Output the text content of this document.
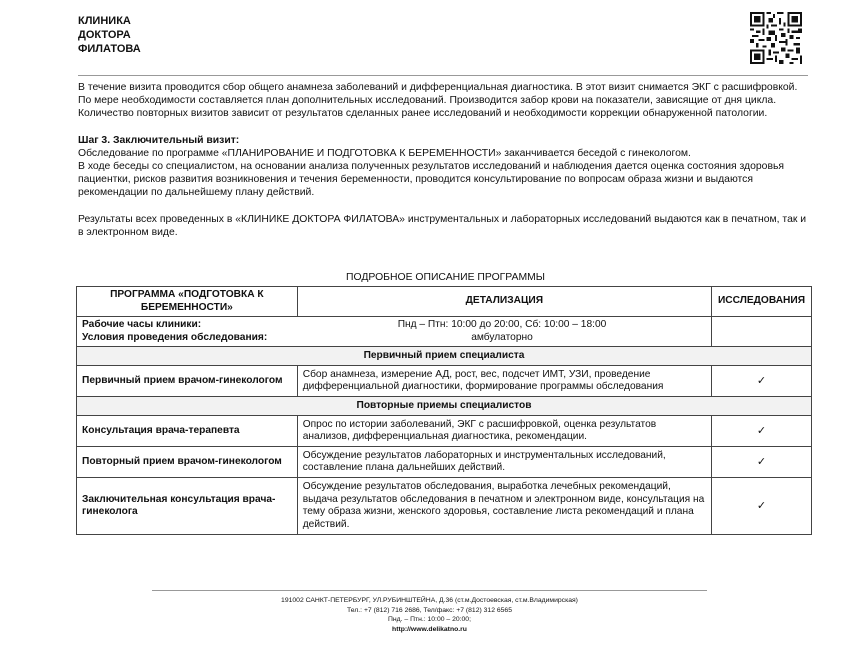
КЛИНИКА
ДОКТОРА
ФИЛАТОВА

В течение визита проводится сбор общего анамнеза заболеваний и дифференциальная диагностика. В этот визит снимается ЭКГ с расшифровкой. По мере необходимости составляется план дополнительных исследований. Производится забор крови на показатели, зависящие от дня цикла. Количество повторных визитов зависит от результатов сделанных ранее исследований и необходимости коррекции обнаруженной патологии.

Шаг 3. Заключительный визит:
Обследование по программе «ПЛАНИРОВАНИЕ И ПОДГОТОВКА К БЕРЕМЕННОСТИ» заканчивается беседой с гинекологом.
В ходе беседы со специалистом, на основании анализа полученных результатов исследований и наблюдения дается оценка состояния здоровья пациентки, рисков развития возникновения и течения беременности, проводится консультирование по вопросам образа жизни и выдаются рекомендации по дальнейшему плану действий.

Результаты всех проведенных в «КЛИНИКЕ ДОКТОРА ФИЛАТОВА» инструментальных и лабораторных исследований выдаются как в печатном, так и в электронном виде.

ПОДРОБНОЕ ОПИСАНИЕ ПРОГРАММЫ
ПРОГРАММА «ПОДГОТОВКА К БЕРЕМЕННОСТИ»	ДЕТАЛИЗАЦИЯ	ИССЛЕДОВАНИЯ

Рабочие часы клиники: Пнд – Птн: 10:00 до 20:00, Сб: 10:00 – 18:00
Условия проведения обследования: амбулаторно		

Первичный прием специалиста		
Первичный прием врачом-гинекологом	Сбор анамнеза, измерение АД, рост, вес, подсчет ИМТ, УЗИ, проведение дифференциальной диагностики, формирование программы обследования	✓
Повторные приемы специалистов		
Консультация врача-терапевта	Опрос по истории заболеваний, ЭКГ с расшифровкой, оценка результатов анализов, дифференциальная диагностика, рекомендации.	✓
Повторный прием врачом-гинекологом	Обсуждение результатов лабораторных и инструментальных исследований, составление плана дальнейших действий.	✓
Заключительная консультация врача-гинеколога	Обсуждение результатов обследования, выработка лечебных рекомендаций, выдача результатов обследования в печатном и электронном виде, консультация на тему образа жизни, женского здоровья, составление листа рекомендаций и плана действий.	✓
191002 САНКТ-ПЕТЕРБУРГ, УЛ.РУБИНШТЕЙНА, Д.36 (ст.м.Достоевская, ст.м.Владимирская)
Тел.: +7 (812) 716 2686, Тел/факс: +7 (812) 312 6565
Пнд. – Птн.: 10:00 – 20:00;
http://www.delikatno.ru
